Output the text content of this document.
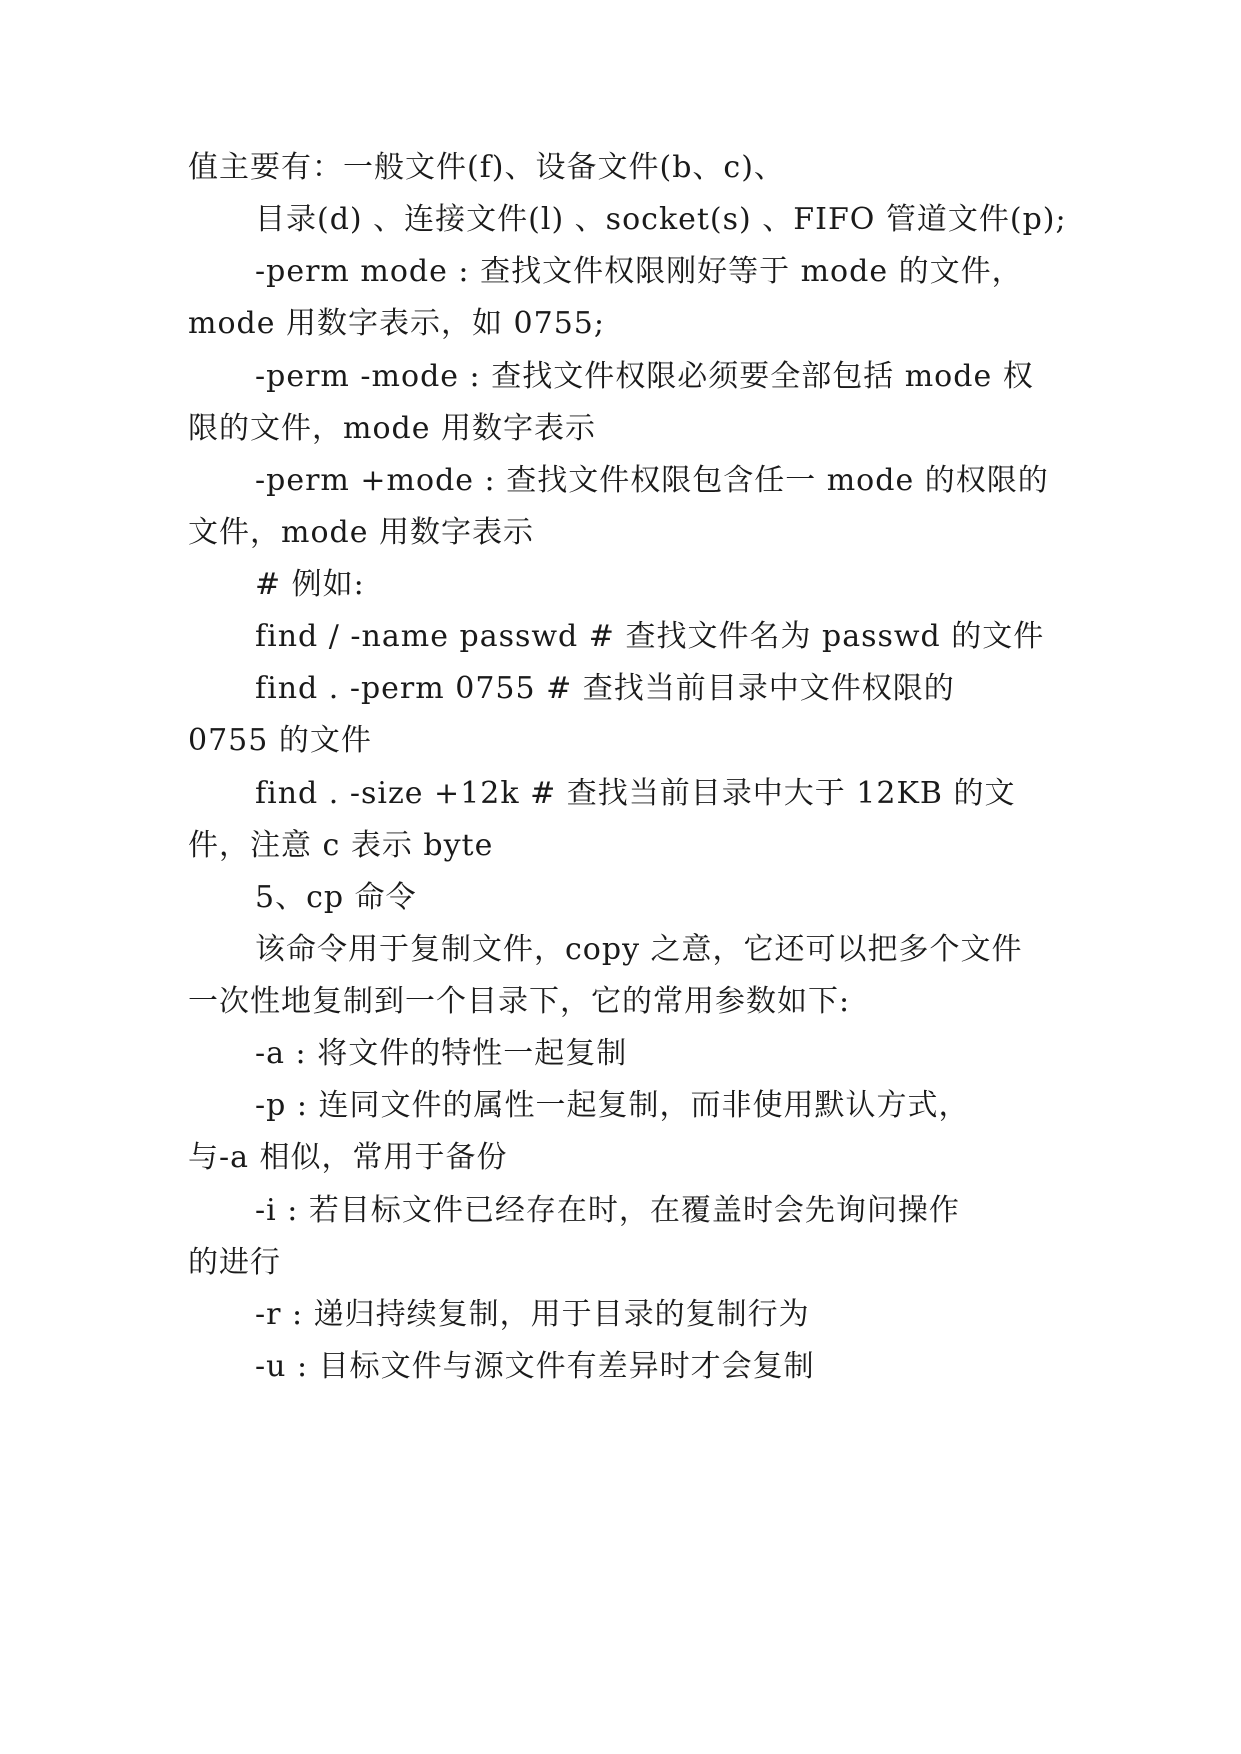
值主要有：一般文件(f)、设备文件(b、c)、
目录(d) 、连接文件(l) 、socket(s) 、FIFO 管道文件(p);
-perm mode : 查找文件权限刚好等于 mode 的文件，
mode 用数字表示，如 0755;
-perm -mode : 查找文件权限必须要全部包括 mode 权
限的文件，mode 用数字表示
-perm +mode : 查找文件权限包含任一 mode 的权限的
文件，mode 用数字表示
# 例如:
find / -name passwd # 查找文件名为 passwd 的文件
find . -perm 0755 # 查找当前目录中文件权限的
0755 的文件
find . -size +12k # 查找当前目录中大于 12KB 的文
件，注意 c 表示 byte
5、cp 命令
该命令用于复制文件，copy 之意，它还可以把多个文件
一次性地复制到一个目录下，它的常用参数如下:
-a : 将文件的特性一起复制
-p : 连同文件的属性一起复制，而非使用默认方式，
与-a 相似，常用于备份
-i : 若目标文件已经存在时，在覆盖时会先询问操作
的进行
-r : 递归持续复制，用于目录的复制行为
-u : 目标文件与源文件有差异时才会复制
